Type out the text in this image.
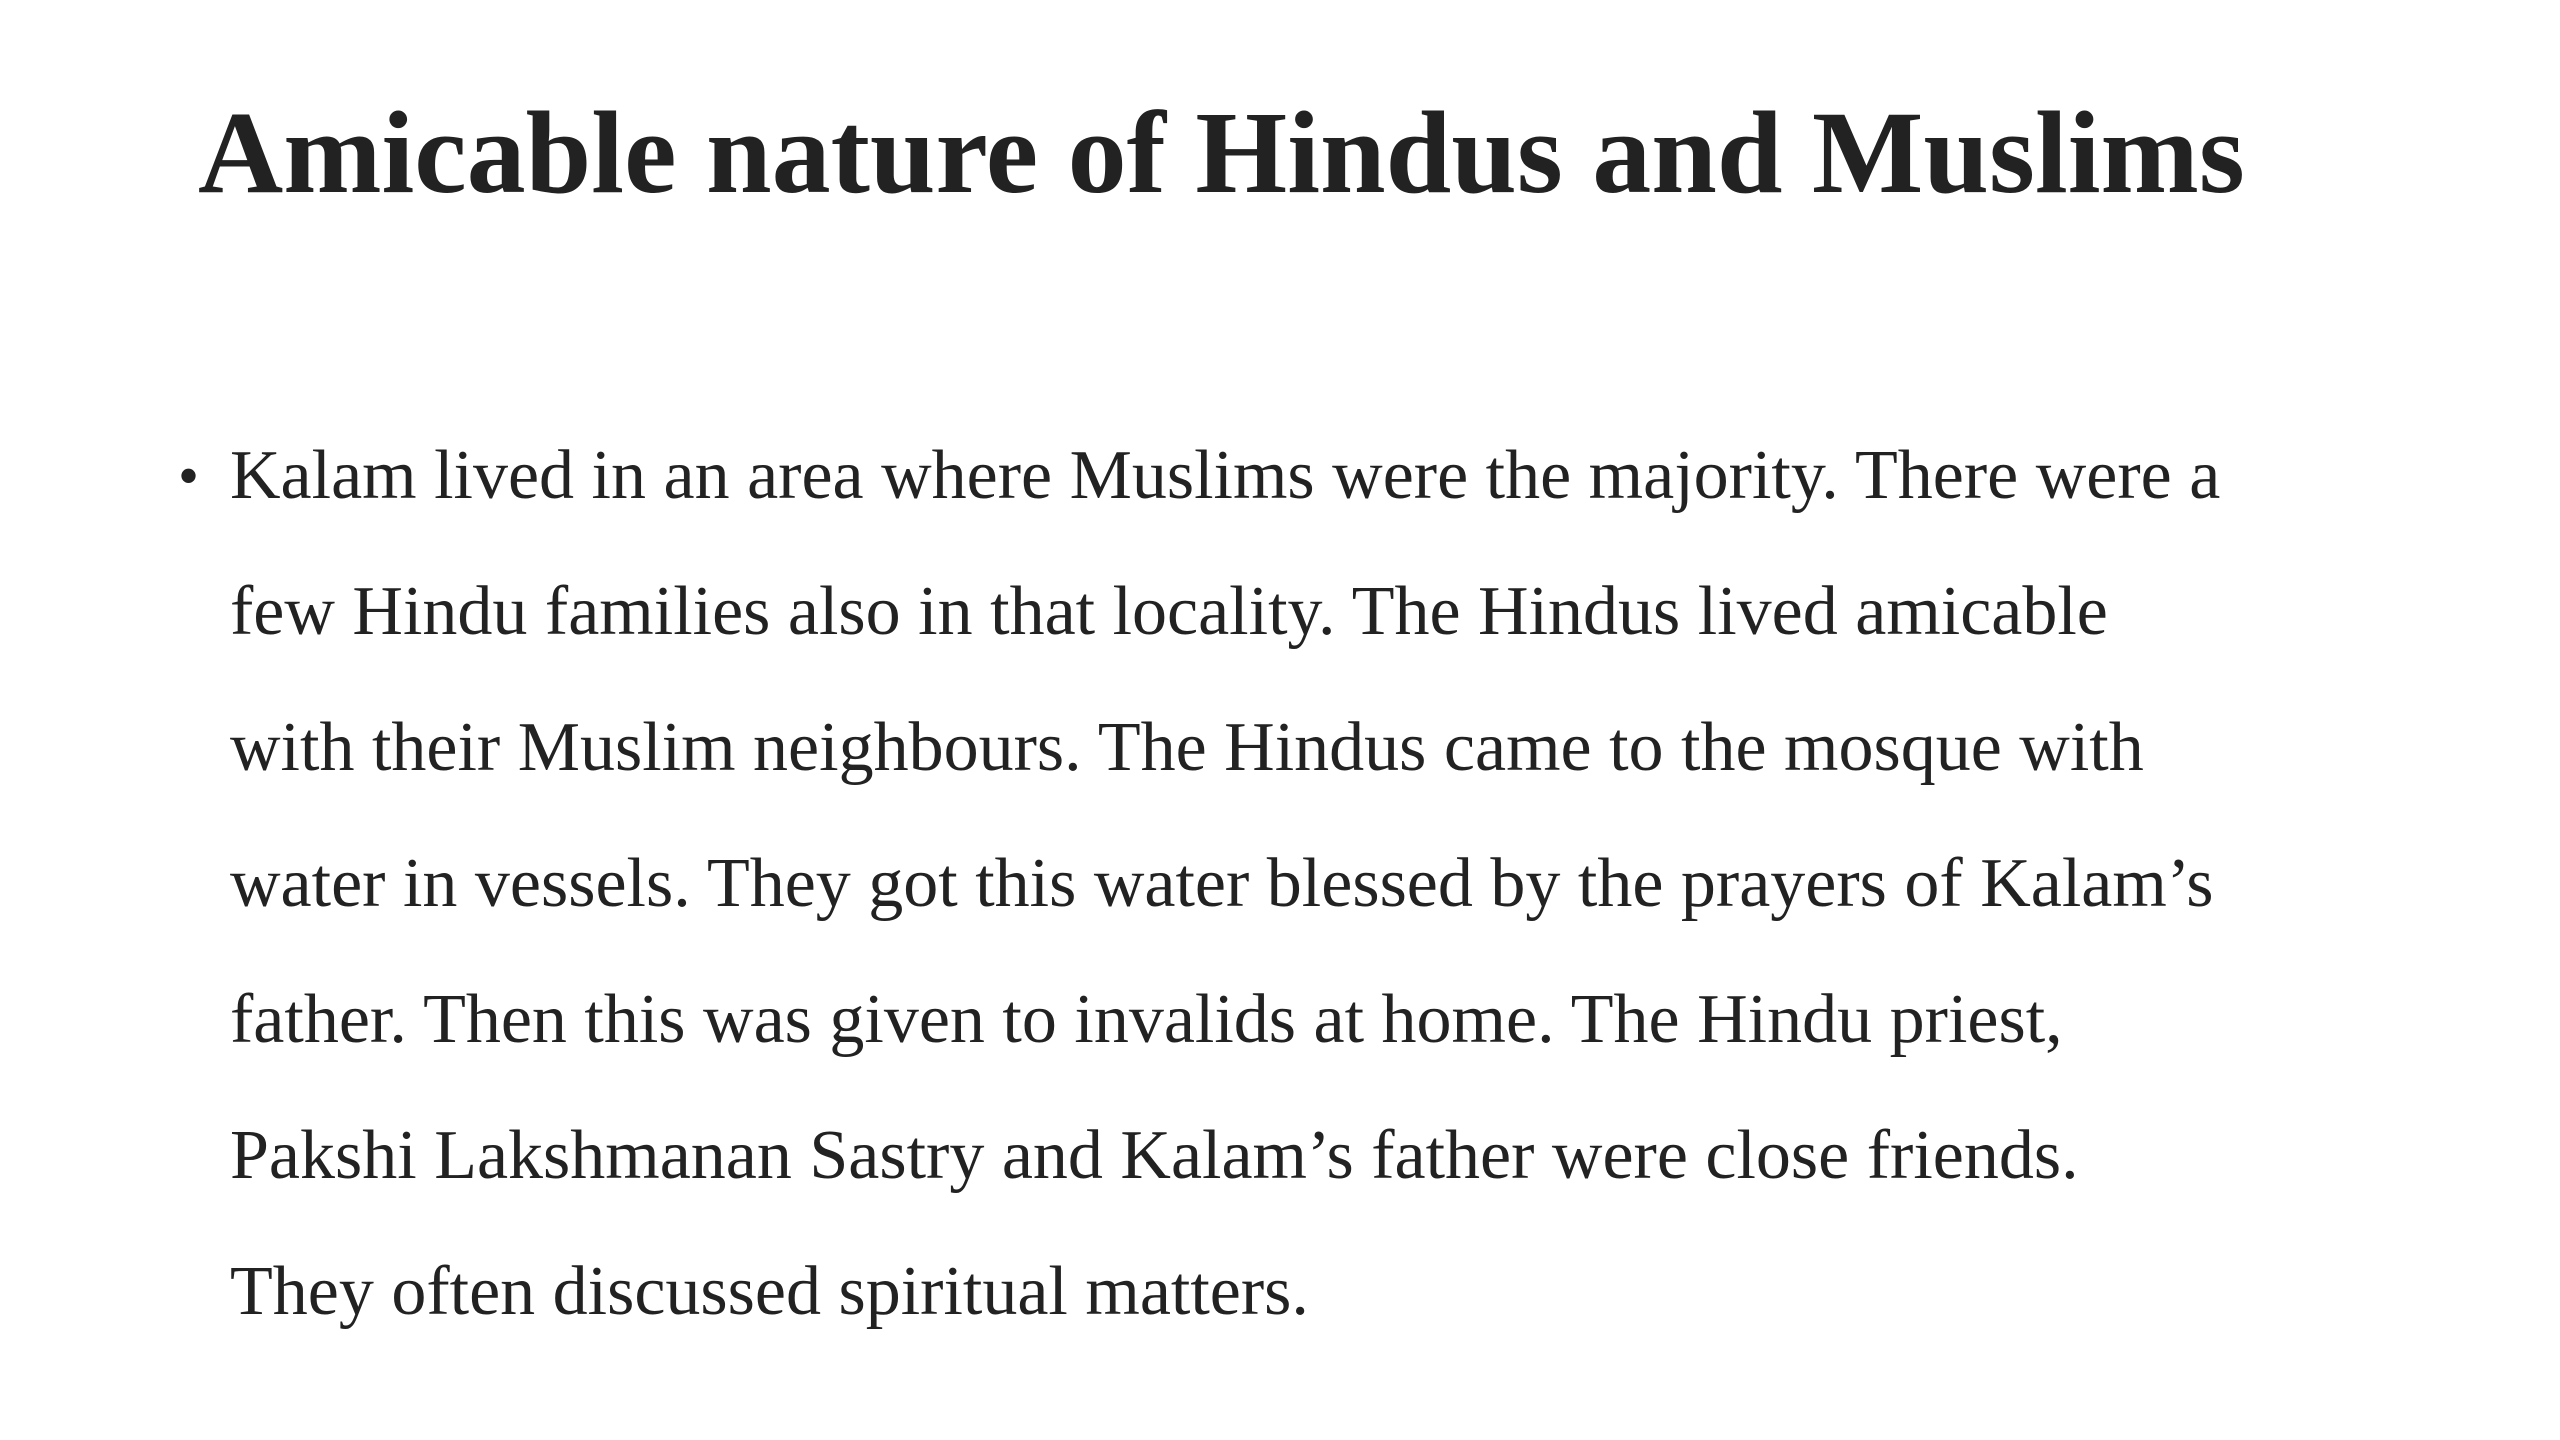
Amicable nature of Hindus and Muslims
• Kalam lived in an area where Muslims were the majority. There were a
few Hindu families also in that locality. The Hindus lived amicable
with their Muslim neighbours. The Hindus came to the mosque with
water in vessels. They got this water blessed by the prayers of Kalam’s
father. Then this was given to invalids at home. The Hindu priest,
Pakshi Lakshmanan Sastry and Kalam’s father were close friends.
They often discussed spiritual matters.
